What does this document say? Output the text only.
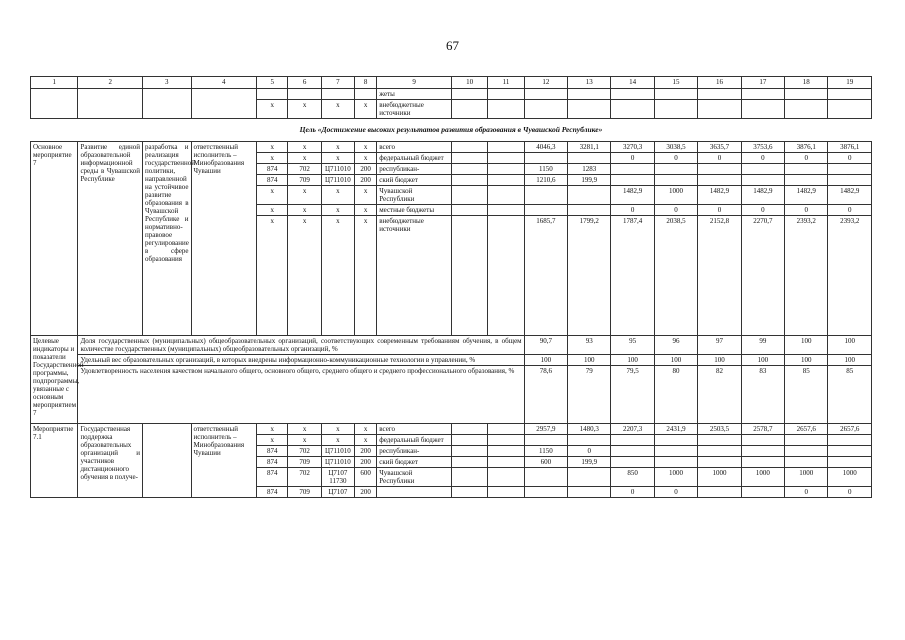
67
1	2	3	4	5	6	7	8	9	10	11	12	13	14	15	16	17	18	19
								жеты										
				х	х	х	х	внебюджетные источники										
Цель «Достижение высоких результатов развития образования в Чувашской Республике»																		
Основное мероприятие 7	Развитие единой образовательной информационной среды в Чувашской Республике	разработка и реализация государственной политики, направленной на устойчивое развитие образования в Чувашской Республике и нормативно-правовое регулирование в сфере образования	ответственный исполнитель – Минобразования Чувашии	х	х	х	х	всего			4046,3	3281,1	3270,3	3038,5	3635,7	3753,6	3876,1	3876,1
				х	х	х	х	федеральный бюджет					0	0	0	0	0	0
				874	702	Ц711010	200	республикан-			1150	1283						
				874	709	Ц711010	200	ский бюджет			1210,6	199,9						
				х	х	х	х	Чувашской Республики					1482,9	1000	1482,9	1482,9	1482,9	1482,9
				х	х	х	х	местные бюджеты					0	0	0	0	0	0
				х	х	х	х	внебюджетные источники			1685,7	1799,2	1787,4	2038,5	2152,8	2270,7	2393,2	2393,2
Целевые индикаторы и показатели Государственной программы, подпрограммы, увязанные с основным мероприятием 7	Доля государственных (муниципальных) общеобразовательных организаций, соответствующих современным требованиям обучения, в общем количестве государственных (муниципальных) общеобразовательных организаций, %										90,7	93	95	96	97	99	100	100
	Удельный вес образовательных организаций, в которых внедрены информационно-коммуникационные технологии в управлении, %										100	100	100	100	100	100	100	100
	Удовлетворенность населения качеством начального общего, основного общего, среднего общего и среднего профессионального образования, %										78,6	79	79,5	80	82	83	85	85
Мероприятие 7.1	Государственная поддержка образовательных организаций и участников дистанционного обучения в получе-		ответственный исполнитель – Минобразования Чувашии	х	х	х	х	всего			2957,9	1480,3	2207,3	2431,9	2503,5	2578,7	2657,6	2657,6
				х	х	х	х	федеральный бюджет										
				874	702	Ц711010	200	республикан-			1150	0						
				874	709	Ц711010	200	ский бюджет			600	199,9						
				874	702	Ц7107 11730	600	Чувашской Республики					850	1000	1000	1000	1000	1000
				874	709	Ц7107	200						0	0			0	0
